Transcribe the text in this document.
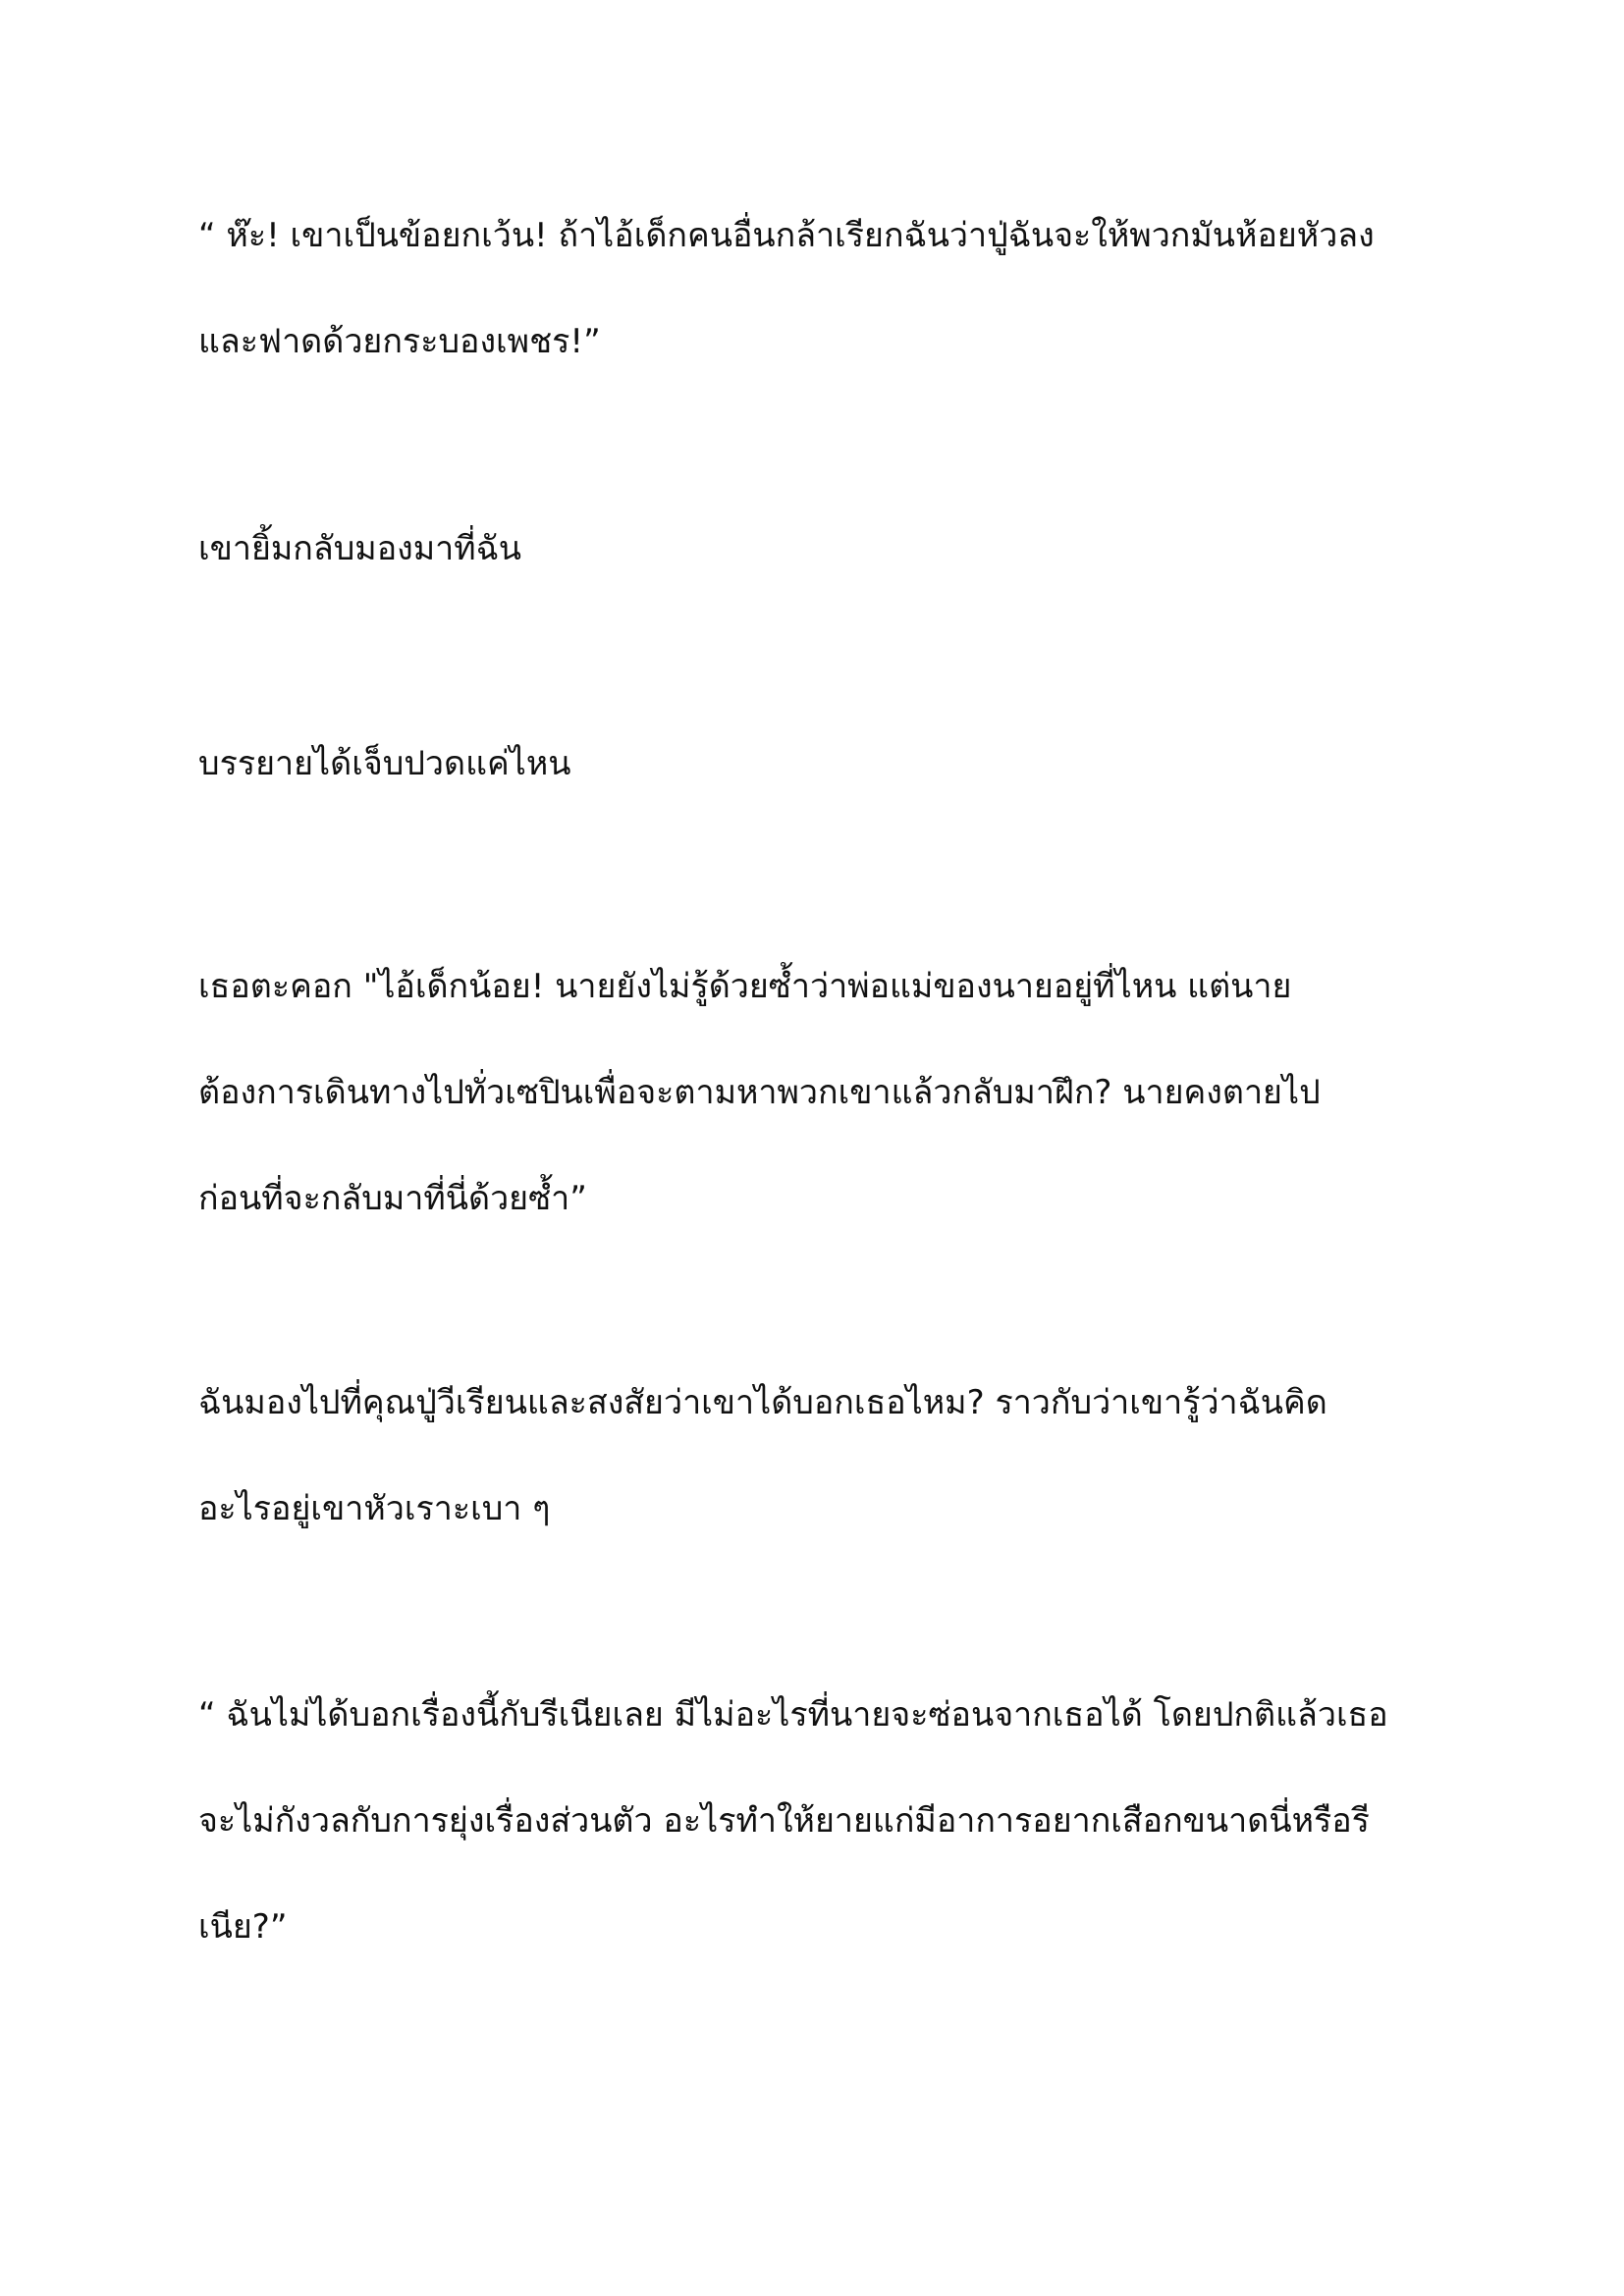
“ ห๊ะ! เขาเป็นข้อยกเว้น! ถ้าไอ้เด็กคนอื่นกล้าเรียกฉันว่าปู่ฉันจะให้พวกมันห้อยหัวลง
และฟาดด้วยกระบองเพชร!”

เขายิ้มกลับมองมาที่ฉัน

บรรยายได้เจ็บปวดแค่ไหน

เธอตะคอก "ไอ้เด็กน้อย! นายยังไม่รู้ด้วยซ้ำว่าพ่อแม่ของนายอยู่ที่ไหน แต่นาย
ต้องการเดินทางไปทั่วเซปินเพื่อจะตามหาพวกเขาแล้วกลับมาฝึก? นายคงตายไป
ก่อนที่จะกลับมาที่นี่ด้วยซ้ำ”

ฉันมองไปที่คุณปู่วีเรียนและสงสัยว่าเขาได้บอกเธอไหม? ราวกับว่าเขารู้ว่าฉันคิด
อะไรอยู่เขาหัวเราะเบา ๆ

“ ฉันไม่ได้บอกเรื่องนี้กับรีเนียเลย มีไม่อะไรที่นายจะซ่อนจากเธอได้ โดยปกติแล้วเธอ
จะไม่กังวลกับการยุ่งเรื่องส่วนตัว อะไรทำให้ยายแก่มีอาการอยากเสือกขนาดนี่หรือรี
เนีย?”
